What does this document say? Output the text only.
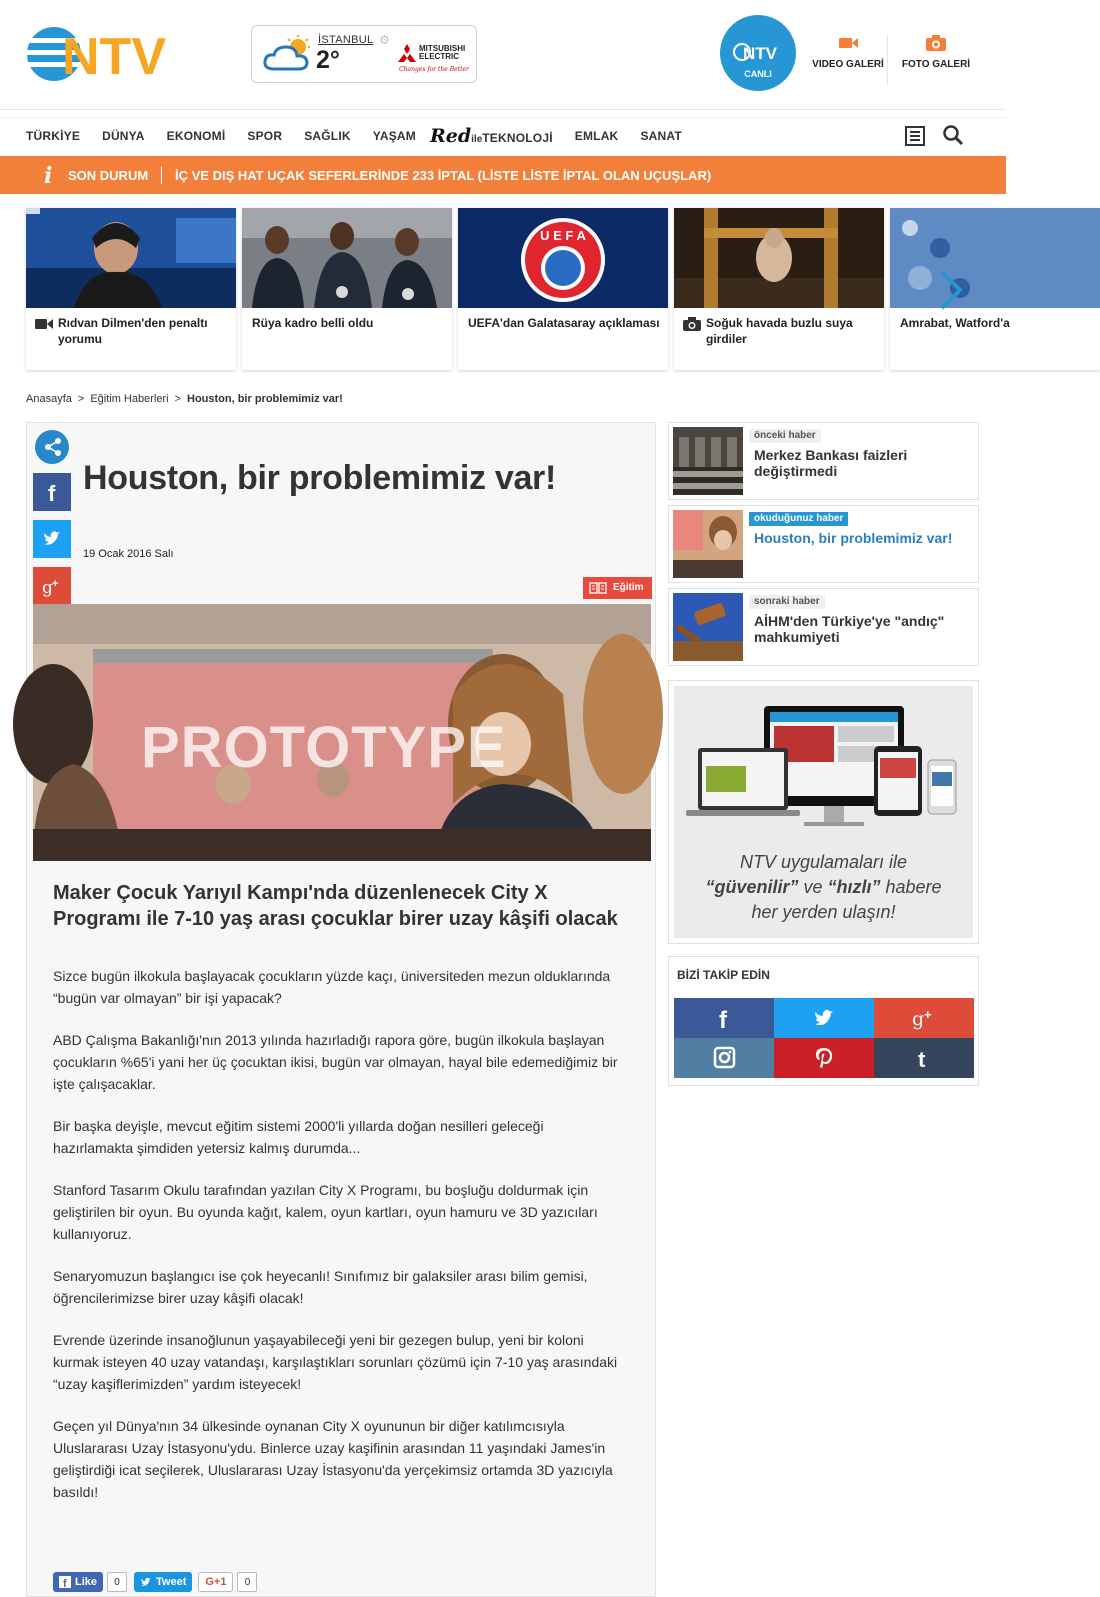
NTV	İSTANBUL ⚙
2°	MITSUBISHI ELECTRIC
Changes for the Better
NTV
CANLI
VIDEO GALERİ	FOTO GALERİ
TÜRKİYE DÜNYA EKONOMİ SPOR SAĞLIK YAŞAM Red ile TEKNOLOJİ EMLAK SANAT
i SON DURUM İÇ VE DIŞ HAT UÇAK SEFERLERİNDE 233 İPTAL (LİSTE LİSTE İPTAL OLAN UÇUŞLAR)
Rıdvan Dilmen'den penaltı yorumu
Rüya kadro belli oldu
U E F A
UEFA'dan Galatasaray açıklaması	Soğuk havada buzlu suya girdiler
Amrabat, Watford'a
Anasayfa > Eğitim Haberleri > Houston, bir problemimiz var!
f
g +
Houston, bir problemimiz var!
19 Ocak 2016 Salı
Eğitim
PROTOTYPE
Maker Çocuk Yarıyıl Kampı'nda düzenlenecek City X Programı ile 7-10 yaş arası çocuklar birer uzay kâşifi olacak

Sizce bugün ilkokula başlayacak çocukların yüzde kaçı, üniversiteden mezun olduklarında “bugün var olmayan” bir işi yapacak?

ABD Çalışma Bakanlığı'nın 2013 yılında hazırladığı rapora göre, bugün ilkokula başlayan çocukların %65'i yani her üç çocuktan ikisi, bugün var olmayan, hayal bile edemediğimiz bir işte çalışacaklar.

Bir başka deyişle, mevcut eğitim sistemi 2000'li yıllarda doğan nesilleri geleceği hazırlamakta şimdiden yetersiz kalmış durumda...

Stanford Tasarım Okulu tarafından yazılan City X Programı, bu boşluğu doldurmak için geliştirilen bir oyun. Bu oyunda kağıt, kalem, oyun kartları, oyun hamuru ve 3D yazıcıları kullanıyoruz.

Senaryomuzun başlangıcı ise çok heyecanlı! Sınıfımız bir galaksiler arası bilim gemisi, öğrencilerimizse birer uzay kâşifi olacak!

Evrende üzerinde insanoğlunun yaşayabileceği yeni bir gezegen bulup, yeni bir koloni kurmak isteyen 40 uzay vatandaşı, karşılaştıkları sorunları çözümü için 7-10 yaş arasındaki “uzay kaşiflerimizden” yardım isteyecek!

Geçen yıl Dünya'nın 34 ülkesinde oynanan City X oyununun bir diğer katılımcısıyla Uluslararası Uzay İstasyonu'ydu. Binlerce uzay kaşifinin arasından 11 yaşındaki James'in geliştirdiği icat seçilerek, Uluslararası Uzay İstasyonu'da yerçekimsiz ortamda 3D yazıcıyla basıldı!

f Like	0	Tweet	G+1	0
önceki haber
Merkez Bankası faizleri değiştirmedi
okuduğunuz haber
Houston, bir problemimiz var!
sonraki haber
AİHM'den Türkiye'ye "andıç" mahkumiyeti
NTV uygulamaları ile
“güvenilir” ve “hızlı” habere
her yerden ulaşın!
BİZİ TAKİP EDİN
f	g +
t
